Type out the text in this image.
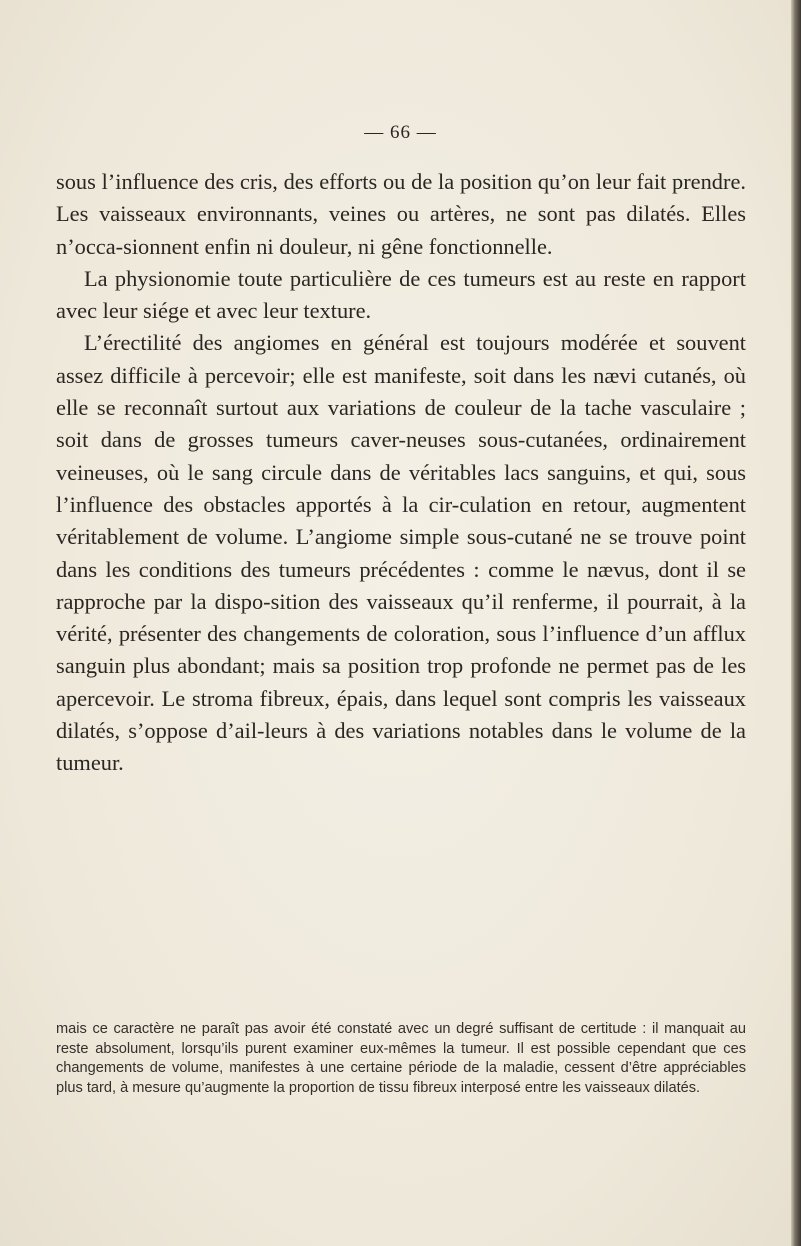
— 66 —

sous l’influence des cris, des efforts ou de la position qu’on leur fait prendre. Les vaisseaux environnants, veines ou artères, ne sont pas dilatés. Elles n’occa-sionnent enfin ni douleur, ni gêne fonctionnelle.

La physionomie toute particulière de ces tumeurs est au reste en rapport avec leur siége et avec leur texture.

L’érectilité des angiomes en général est toujours modérée et souvent assez difficile à percevoir; elle est manifeste, soit dans les nævi cutanés, où elle se reconnaît surtout aux variations de couleur de la tache vasculaire ; soit dans de grosses tumeurs caver-neuses sous-cutanées, ordinairement veineuses, où le sang circule dans de véritables lacs sanguins, et qui, sous l’influence des obstacles apportés à la cir-culation en retour, augmentent véritablement de volume. L’angiome simple sous-cutané ne se trouve point dans les conditions des tumeurs précédentes : comme le nævus, dont il se rapproche par la dispo-sition des vaisseaux qu’il renferme, il pourrait, à la vérité, présenter des changements de coloration, sous l’influence d’un afflux sanguin plus abondant; mais sa position trop profonde ne permet pas de les apercevoir. Le stroma fibreux, épais, dans lequel sont compris les vaisseaux dilatés, s’oppose d’ail-leurs à des variations notables dans le volume de la tumeur.

mais ce caractère ne paraît pas avoir été constaté avec un degré suffisant de certitude : il manquait au reste absolument, lorsqu’ils purent examiner eux-mêmes la tumeur. Il est possible cependant que ces changements de volume, manifestes à une certaine période de la maladie, cessent d’être appréciables plus tard, à mesure qu’augmente la proportion de tissu fibreux interposé entre les vaisseaux dilatés.
